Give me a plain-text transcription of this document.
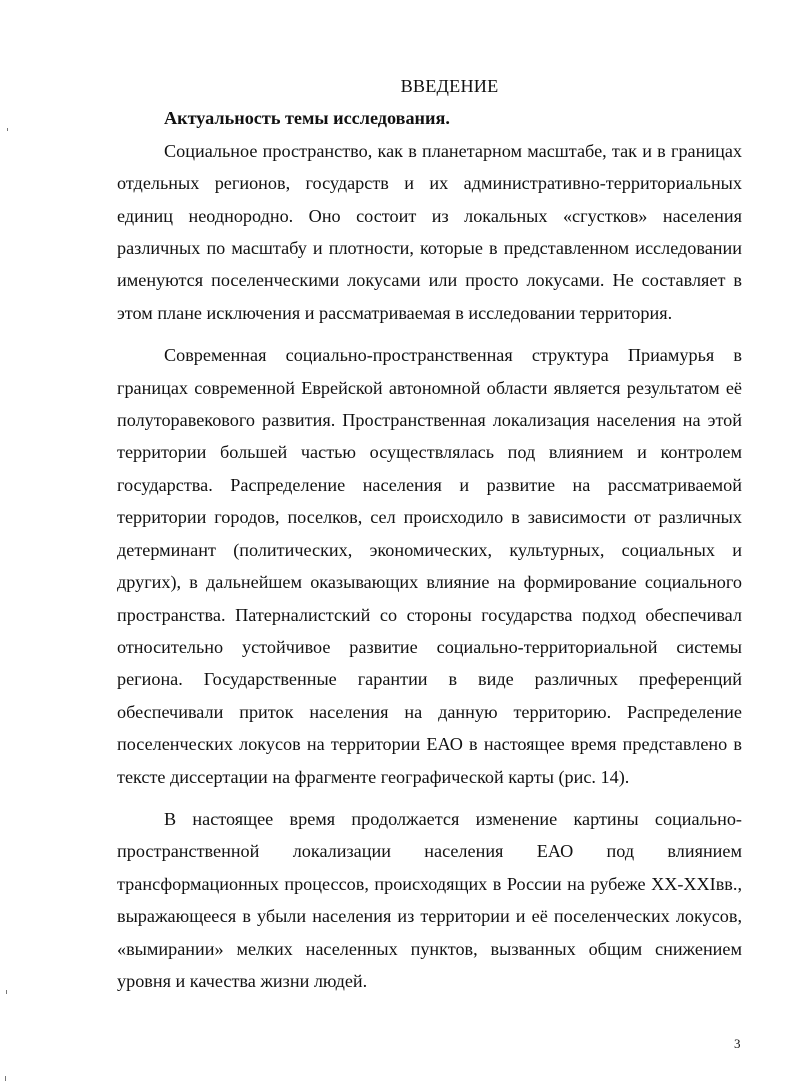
ВВЕДЕНИЕ

Актуальность темы исследования.

Социальное пространство, как в планетарном масштабе, так и в границах отдельных регионов, государств и их административно-территориальных единиц неоднородно. Оно состоит из локальных «сгустков» населения различных по масштабу и плотности, которые в представленном исследовании именуются поселенческими локусами или просто локусами. Не составляет в этом плане исключения и рассматриваемая в исследовании территория.

Современная социально-пространственная структура Приамурья в границах современной Еврейской автономной области является результатом её полуторавекового развития. Пространственная локализация населения на этой территории большей частью осуществлялась под влиянием и контролем государства. Распределение населения и развитие на рассматриваемой территории городов, поселков, сел происходило в зависимости от различных детерминант (политических, экономических, культурных, социальных и других), в дальнейшем оказывающих влияние на формирование социального пространства. Патерналистский со стороны государства подход обеспечивал относительно устойчивое развитие социально-территориальной системы региона. Государственные гарантии в виде различных преференций обеспечивали приток населения на данную территорию. Распределение поселенческих локусов на территории ЕАО в настоящее время представлено в тексте диссертации на фрагменте географической карты (рис. 14).

В настоящее время продолжается изменение картины социально-пространственной локализации населения ЕАО под влиянием трансформационных процессов, происходящих в России на рубеже XX-XXIвв., выражающееся в убыли населения из территории и её поселенческих локусов, «вымирании» мелких населенных пунктов, вызванных общим снижением уровня и качества жизни людей.

3
